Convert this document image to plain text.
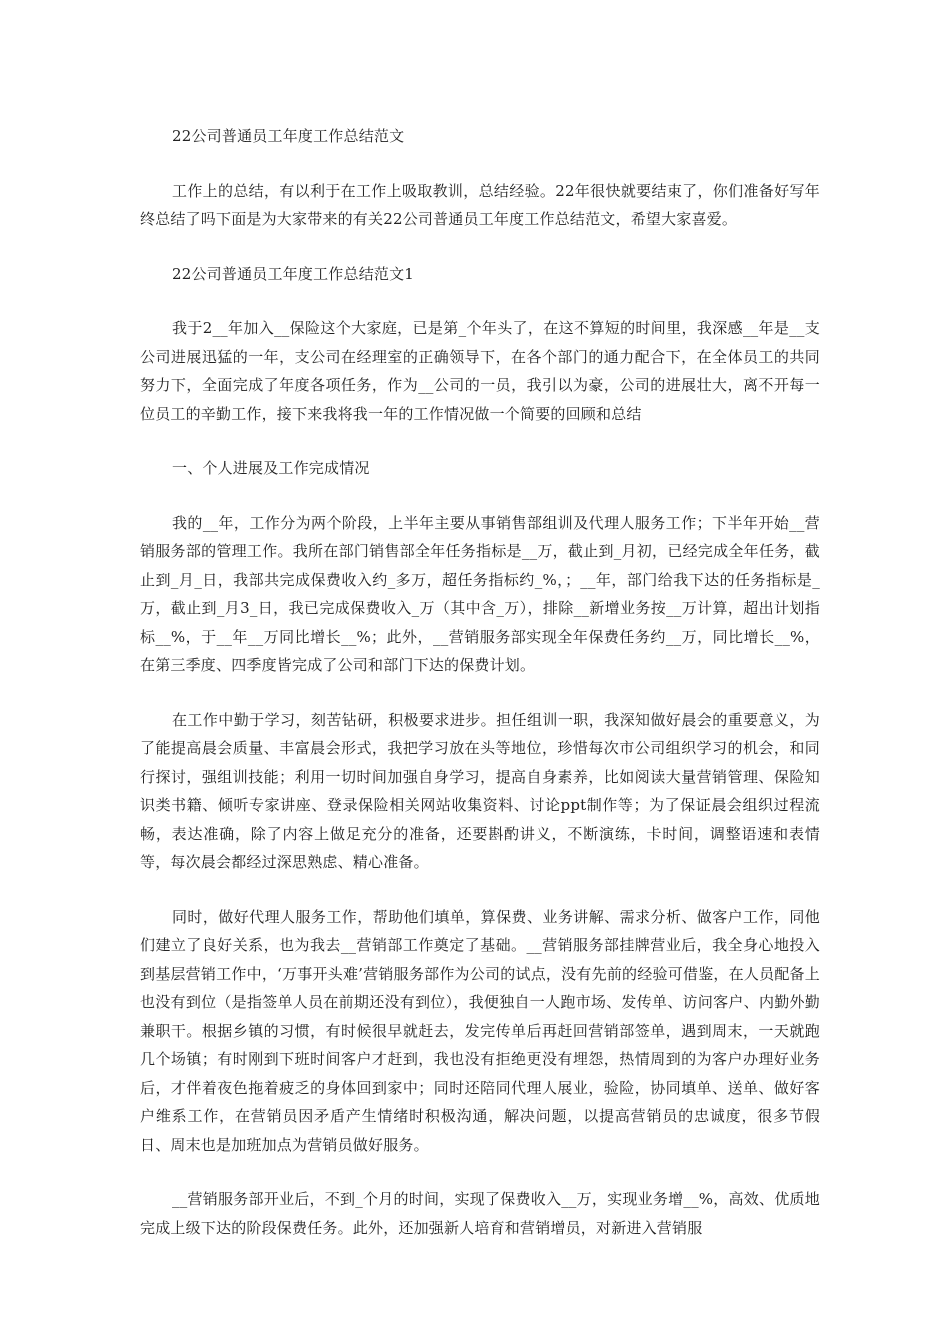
22公司普通员工年度工作总结范文

工作上的总结，有以利于在工作上吸取教训，总结经验。22年很快就要结束了，你们准备好写年终总结了吗下面是为大家带来的有关22公司普通员工年度工作总结范文，希望大家喜爱。

22公司普通员工年度工作总结范文1

我于2__年加入__保险这个大家庭，已是第_个年头了，在这不算短的时间里，我深感__年是__支公司进展迅猛的一年，支公司在经理室的正确领导下，在各个部门的通力配合下，在全体员工的共同努力下，全面完成了年度各项任务，作为__公司的一员，我引以为豪，公司的进展壮大，离不开每一位员工的辛勤工作，接下来我将我一年的工作情况做一个简要的回顾和总结

一、个人进展及工作完成情况

我的__年，工作分为两个阶段，上半年主要从事销售部组训及代理人服务工作；下半年开始__营销服务部的管理工作。我所在部门销售部全年任务指标是__万，截止到_月初，已经完成全年任务，截止到_月_日，我部共完成保费收入约_多万，超任务指标约_%，；__年，部门给我下达的任务指标是_万，截止到_月3_日，我已完成保费收入_万（其中含_万），排除__新增业务按__万计算，超出计划指标__%，于__年__万同比增长__%；此外，__营销服务部实现全年保费任务约__万，同比增长__%，在第三季度、四季度皆完成了公司和部门下达的保费计划。

在工作中勤于学习，刻苦钻研，积极要求进步。担任组训一职，我深知做好晨会的重要意义，为了能提高晨会质量、丰富晨会形式，我把学习放在头等地位，珍惜每次市公司组织学习的机会，和同行探讨，强组训技能；利用一切时间加强自身学习，提高自身素养，比如阅读大量营销管理、保险知识类书籍、倾听专家讲座、登录保险相关网站收集资料、讨论ppt制作等；为了保证晨会组织过程流畅，表达准确，除了内容上做足充分的准备，还要斟酌讲义，不断演练，卡时间，调整语速和表情等，每次晨会都经过深思熟虑、精心准备。

同时，做好代理人服务工作，帮助他们填单，算保费、业务讲解、需求分析、做客户工作，同他们建立了良好关系，也为我去__营销部工作奠定了基础。__营销服务部挂牌营业后，我全身心地投入到基层营销工作中，‘万事开头难’营销服务部作为公司的试点，没有先前的经验可借鉴，在人员配备上也没有到位（是指签单人员在前期还没有到位），我便独自一人跑市场、发传单、访问客户、内勤外勤兼职干。根据乡镇的习惯，有时候很早就赶去，发完传单后再赶回营销部签单，遇到周末，一天就跑几个场镇；有时刚到下班时间客户才赶到，我也没有拒绝更没有埋怨，热情周到的为客户办理好业务后，才伴着夜色拖着疲乏的身体回到家中；同时还陪同代理人展业，验险，协同填单、送单、做好客户维系工作，在营销员因矛盾产生情绪时积极沟通，解决问题，以提高营销员的忠诚度，很多节假日、周末也是加班加点为营销员做好服务。

__营销服务部开业后，不到_个月的时间，实现了保费收入__万，实现业务增__%，高效、优质地完成上级下达的阶段保费任务。此外，还加强新人培育和营销增员，对新进入营销服
